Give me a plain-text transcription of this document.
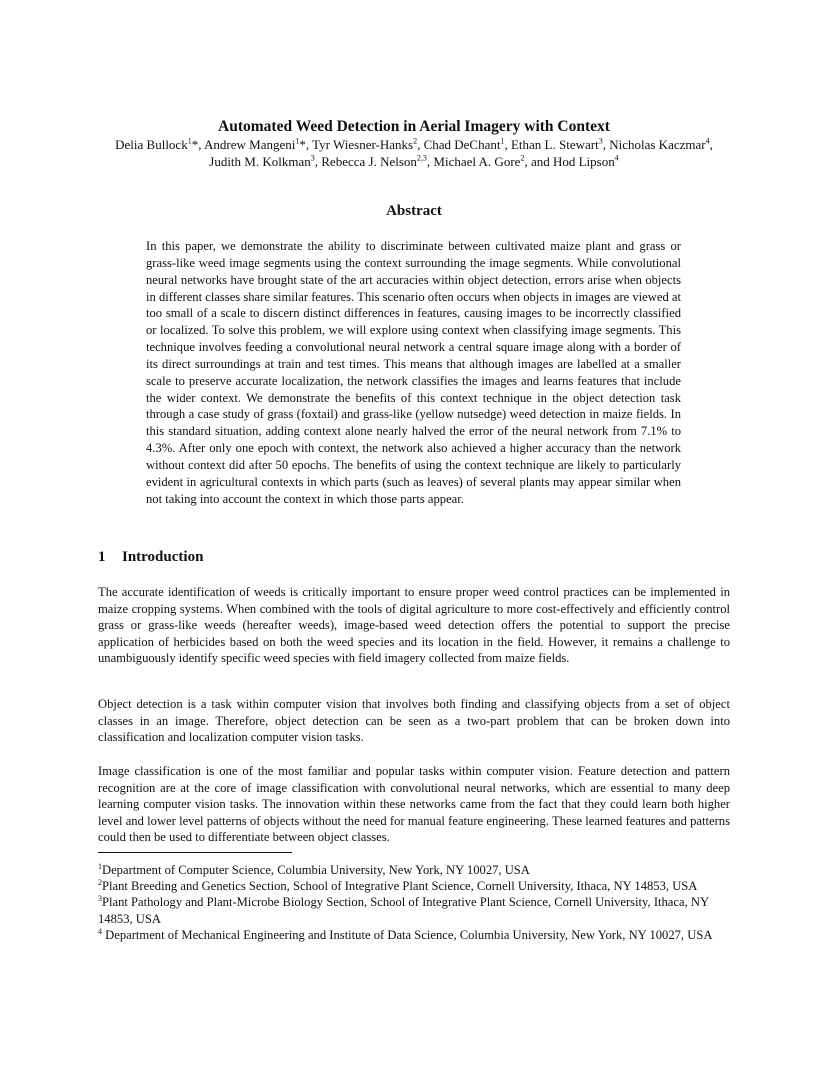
Automated Weed Detection in Aerial Imagery with Context
Delia Bullock$^1$*, Andrew Mangeni$^1$*, Tyr Wiesner-Hanks$^2$, Chad DeChant$^1$, Ethan L. Stewart$^3$, Nicholas Kaczmar$^4$,
Judith M. Kolkman$^3$, Rebecca J. Nelson$^{2,3}$, Michael A. Gore$^2$, and Hod Lipson$^4$
Abstract
In this paper, we demonstrate the ability to discriminate between cultivated maize plant and grass or grass-like weed image segments using the context surrounding the image segments. While convolutional neural networks have brought state of the art accuracies within object detection, errors arise when objects in different classes share similar features. This scenario often occurs when objects in images are viewed at too small of a scale to discern distinct differences in features, causing images to be incorrectly classified or localized. To solve this problem, we will explore using context when classifying image segments. This technique involves feeding a convolutional neural network a central square image along with a border of its direct surroundings at train and test times. This means that although images are labelled at a smaller scale to preserve accurate localization, the network classifies the images and learns features that include the wider context. We demonstrate the benefits of this context technique in the object detection task through a case study of grass (foxtail) and grass-like (yellow nutsedge) weed detection in maize fields. In this standard situation, adding context alone nearly halved the error of the neural network from 7.1% to 4.3%. After only one epoch with context, the network also achieved a higher accuracy than the network without context did after 50 epochs. The benefits of using the context technique are likely to particularly evident in agricultural contexts in which parts (such as leaves) of several plants may appear similar when not taking into account the context in which those parts appear.
1 Introduction

The accurate identification of weeds is critically important to ensure proper weed control practices can be implemented in maize cropping systems. When combined with the tools of digital agriculture to more cost-effectively and efficiently control grass or grass-like weeds (hereafter weeds), image-based weed detection offers the potential to support the precise application of herbicides based on both the weed species and its location in the field. However, it remains a challenge to unambiguously identify specific weed species with field imagery collected from maize fields.

Object detection is a task within computer vision that involves both finding and classifying objects from a set of object classes in an image. Therefore, object detection can be seen as a two-part problem that can be broken down into classification and localization computer vision tasks.

Image classification is one of the most familiar and popular tasks within computer vision. Feature detection and pattern recognition are at the core of image classification with convolutional neural networks, which are essential to many deep learning computer vision tasks. The innovation within these networks came from the fact that they could learn both higher level and lower level patterns of objects without the need for manual feature engineering. These learned features and patterns could then be used to differentiate between object classes.

$^1$Department of Computer Science, Columbia University, New York, NY 10027, USA

$^2$Plant Breeding and Genetics Section, School of Integrative Plant Science, Cornell University, Ithaca, NY 14853, USA

$^3$Plant Pathology and Plant-Microbe Biology Section, School of Integrative Plant Science, Cornell University, Ithaca, NY 14853, USA

$^4$ Department of Mechanical Engineering and Institute of Data Science, Columbia University, New York, NY 10027, USA
